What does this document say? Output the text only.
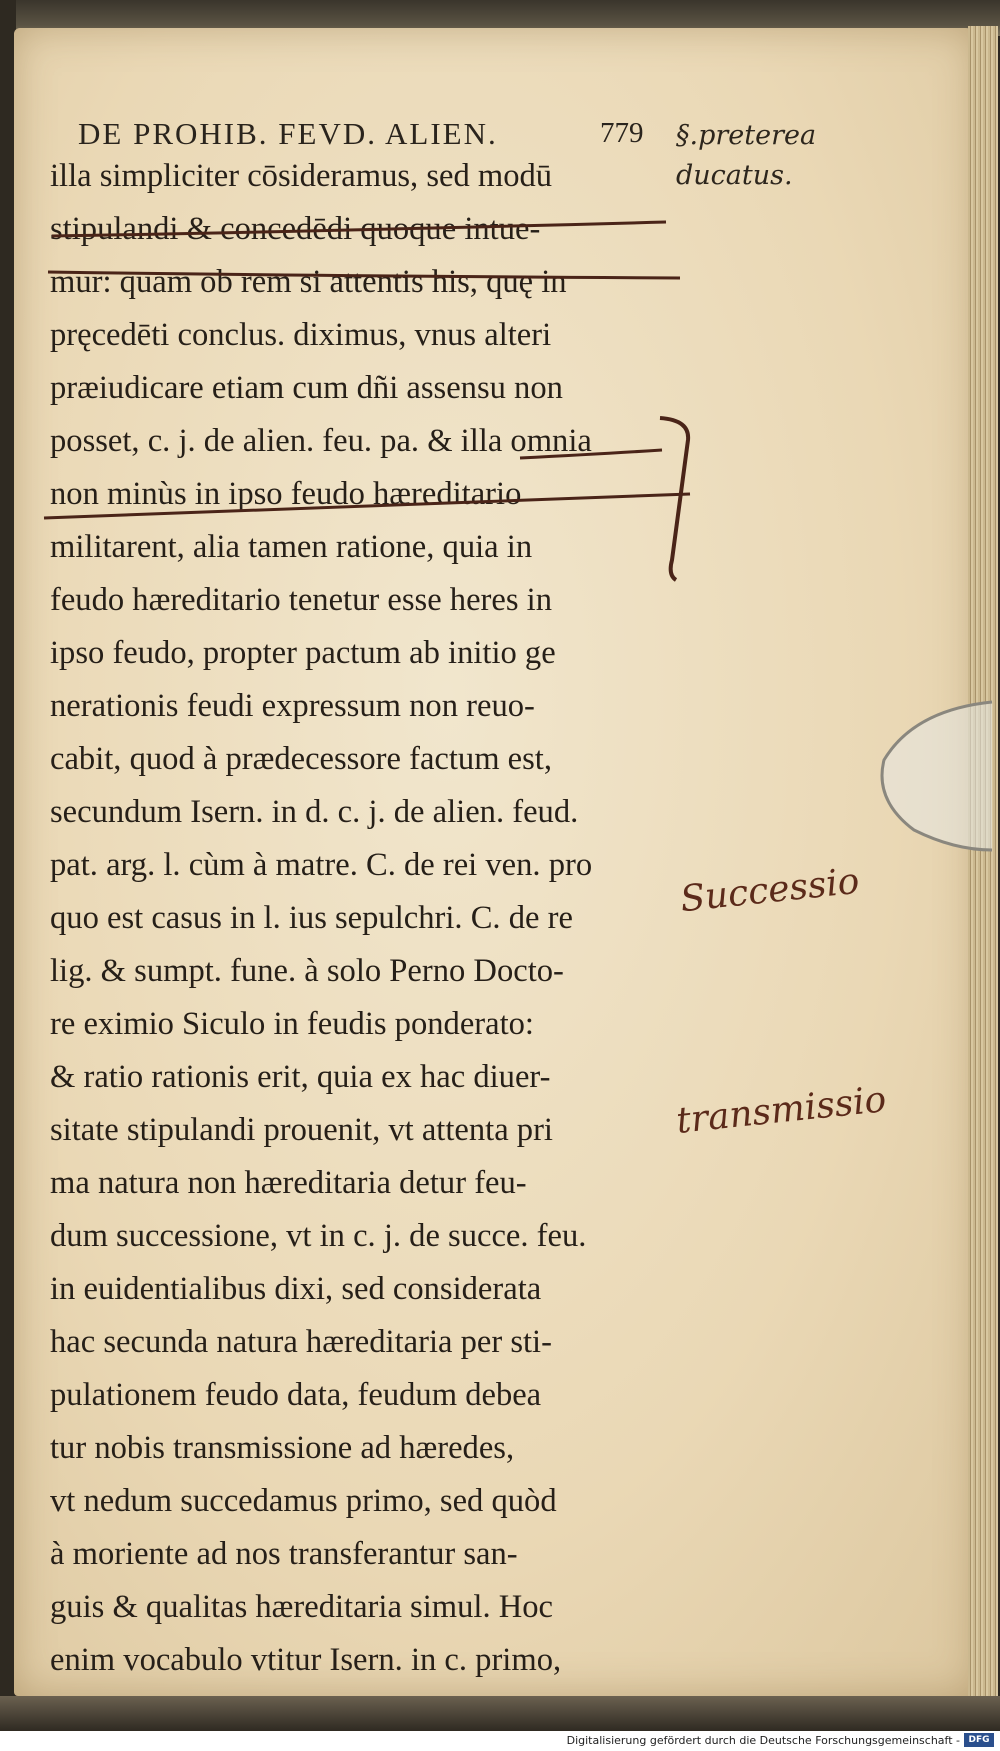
DE PROHIB. FEVD. ALIEN.	779 §.preterea
ducatus.
illa simpliciter cōsideramus, sed modū
stipulandi & concedēdi quoque intue-
mur: quam ob rem si attentis his, quę in
pręcedēti conclus. diximus, vnus alteri
præiudicare etiam cum dñi assensu non
posset, c. j. de alien. feu. pa. & illa omnia
non minùs in ipso feudo hæreditario
militarent, alia tamen ratione, quia in
feudo hæreditario tenetur esse heres in
ipso feudo, propter pactum ab initio ge
nerationis feudi expressum non reuo-
cabit, quod à prædecessore factum est,
secundum Isern. in d. c. j. de alien. feud.
pat. arg. l. cùm à matre. C. de rei ven. pro
quo est casus in l. ius sepulchri. C. de re
lig. & sumpt. fune. à solo Perno Docto-
re eximio Siculo in feudis ponderato:
& ratio rationis erit, quia ex hac diuer-
sitate stipulandi prouenit, vt attenta pri
ma natura non hæreditaria detur feu-
dum successione, vt in c. j. de succe. feu.
in euidentialibus dixi, sed considerata
hac secunda natura hæreditaria per sti-
pulationem feudo data, feudum debea
tur nobis transmissione ad hæredes,
vt nedum succedamus primo, sed quòd
à moriente ad nos transferantur san-
guis & qualitas hæreditaria simul. Hoc
enim vocabulo vtitur Isern. in c. primo,
Successio
transmissio
Digitalisierung gefördert durch die Deutsche Forschungsgemeinschaft - DFG
